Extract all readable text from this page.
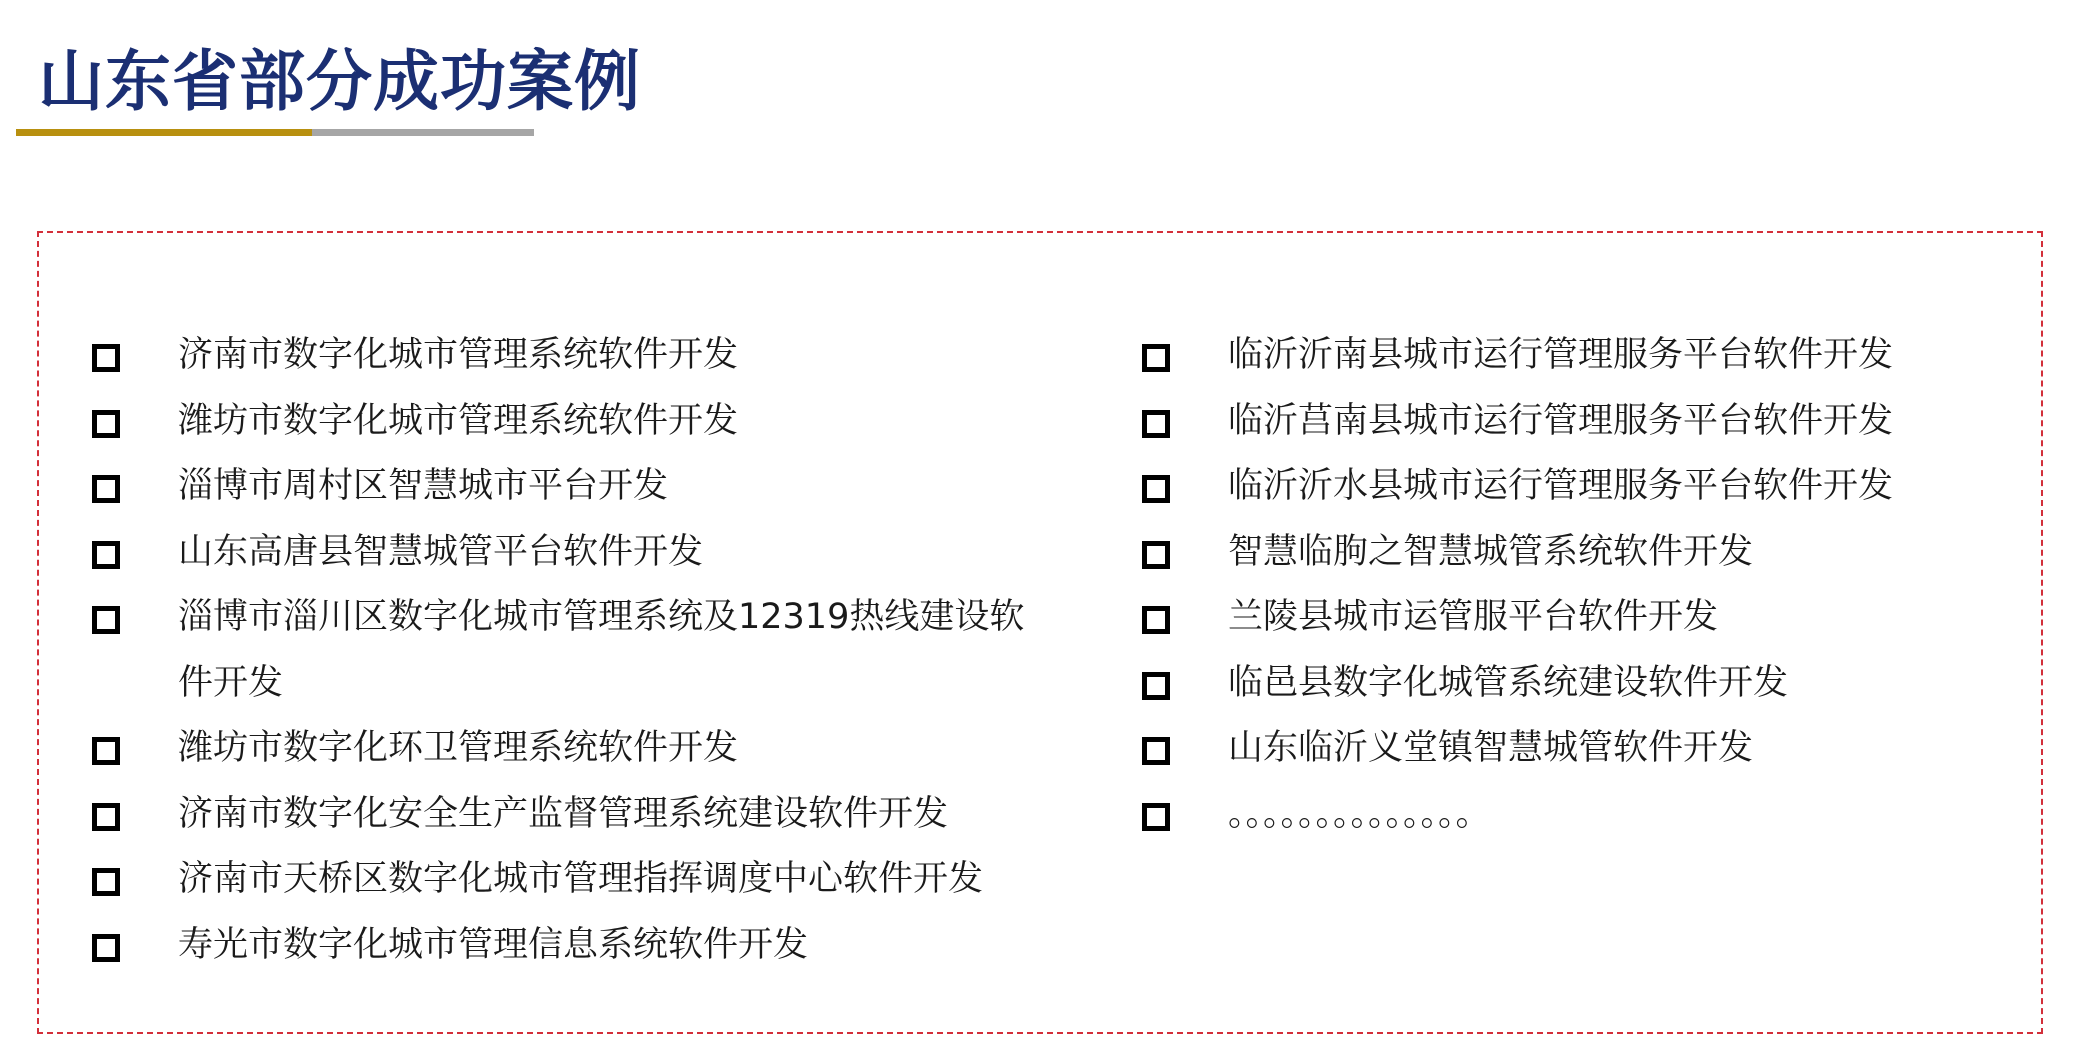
山东省部分成功案例
济南市数字化城市管理系统软件开发
潍坊市数字化城市管理系统软件开发
淄博市周村区智慧城市平台开发
山东高唐县智慧城管平台软件开发
淄博市淄川区数字化城市管理系统及12319热线建设软件开发
潍坊市数字化环卫管理系统软件开发
济南市数字化安全生产监督管理系统建设软件开发
济南市天桥区数字化城市管理指挥调度中心软件开发
寿光市数字化城市管理信息系统软件开发
临沂沂南县城市运行管理服务平台软件开发
临沂莒南县城市运行管理服务平台软件开发
临沂沂水县城市运行管理服务平台软件开发
智慧临朐之智慧城管系统软件开发
兰陵县城市运管服平台软件开发
临邑县数字化城管系统建设软件开发
山东临沂义堂镇智慧城管软件开发
。。。。。。。。。。。。。。
